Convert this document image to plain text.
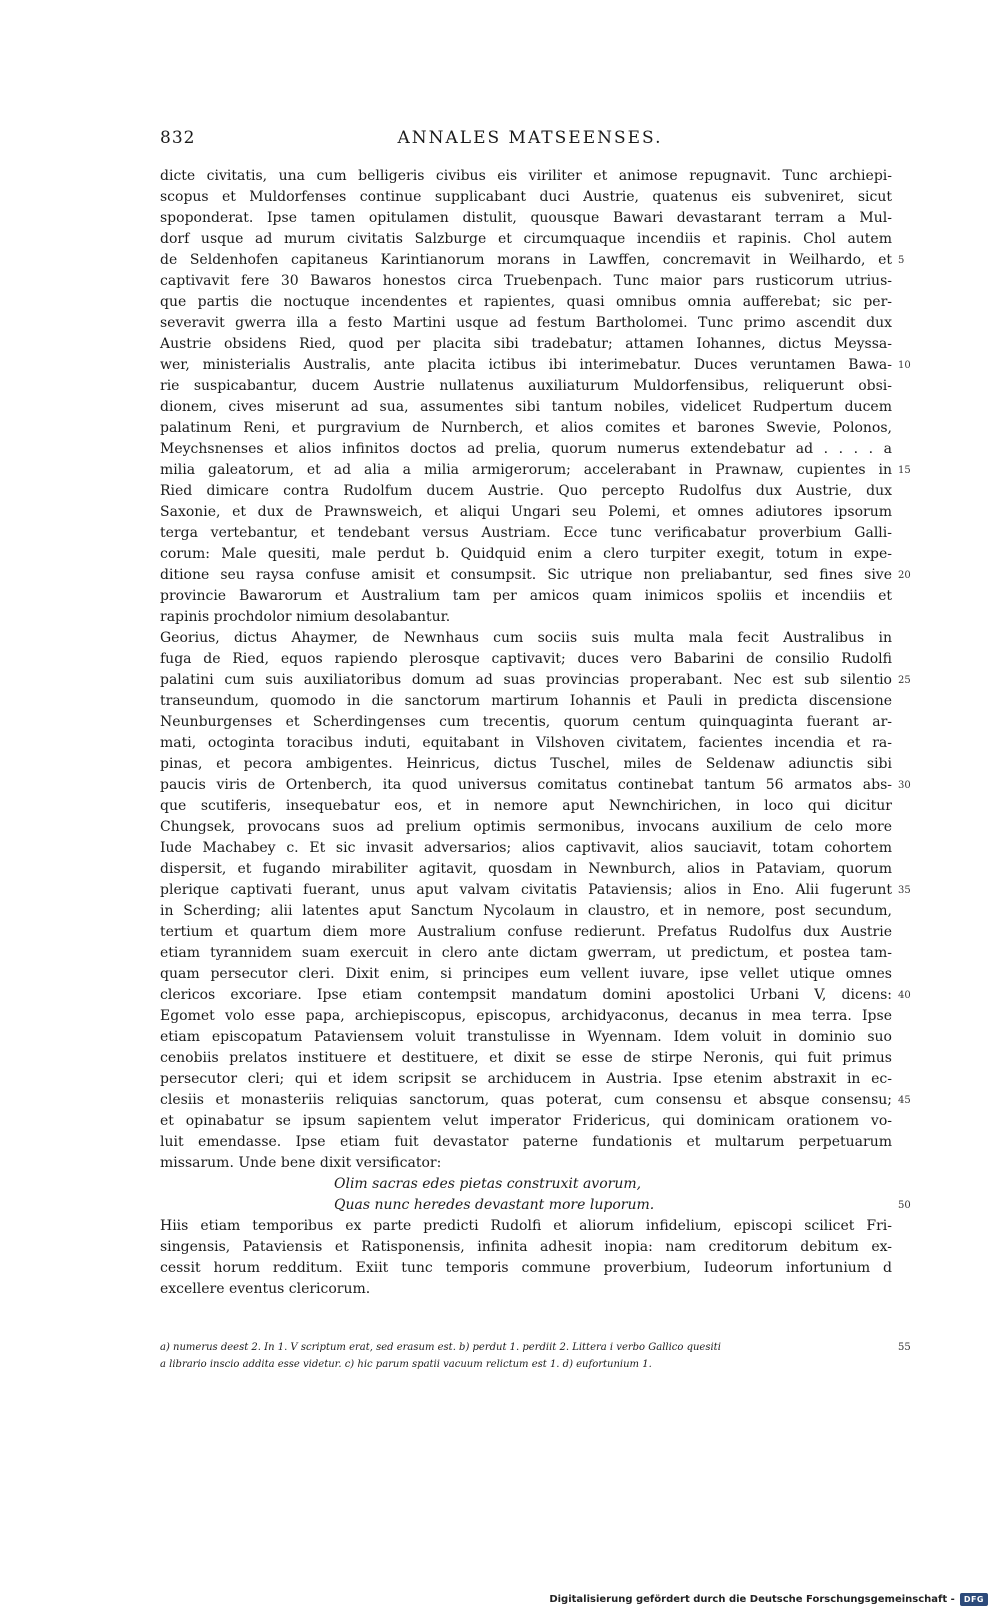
832	ANNALES MATSEENSES.
dicte civitatis, una cum belligeris civibus eis viriliter et animose repugnavit. Tunc archiepi-
scopus et Muldorfenses continue supplicabant duci Austrie, quatenus eis subveniret, sicut
spoponderat. Ipse tamen opitulamen distulit, quousque Bawari devastarant terram a Mul-
dorf usque ad murum civitatis Salzburge et circumquaque incendiis et rapinis. Chol autem
de Seldenhofen capitaneus Karintianorum morans in Lawffen, concremavit in Weilhardo, et 5
captivavit fere 30 Bawaros honestos circa Truebenpach. Tunc maior pars rusticorum utrius-
que partis die noctuque incendentes et rapientes, quasi omnibus omnia aufferebat; sic per-
severavit gwerra illa a festo Martini usque ad festum Bartholomei. Tunc primo ascendit dux
Austrie obsidens Ried, quod per placita sibi tradebatur; attamen Iohannes, dictus Meyssa-
wer, ministerialis Australis, ante placita ictibus ibi interimebatur. Duces veruntamen Bawa- 10
rie suspicabantur, ducem Austrie nullatenus auxiliaturum Muldorfensibus, reliquerunt obsi-
dionem, cives miserunt ad sua, assumentes sibi tantum nobiles, videlicet Rudpertum ducem
palatinum Reni, et purgravium de Nurnberch, et alios comites et barones Swevie, Polonos,
Meychsnenses et alios infinitos doctos ad prelia, quorum numerus extendebatur ad . . . . a
milia galeatorum, et ad alia a milia armigerorum; accelerabant in Prawnaw, cupientes in 15
Ried dimicare contra Rudolfum ducem Austrie. Quo percepto Rudolfus dux Austrie, dux
Saxonie, et dux de Prawnsweich, et aliqui Ungari seu Polemi, et omnes adiutores ipsorum
terga vertebantur, et tendebant versus Austriam. Ecce tunc verificabatur proverbium Galli-
corum: Male quesiti, male perdut b. Quidquid enim a clero turpiter exegit, totum in expe-
ditione seu raysa confuse amisit et consumpsit. Sic utrique non preliabantur, sed fines sive 20
provincie Bawarorum et Australium tam per amicos quam inimicos spoliis et incendiis et
rapinis prochdolor nimium desolabantur.
Georius, dictus Ahaymer, de Newnhaus cum sociis suis multa mala fecit Australibus in
fuga de Ried, equos rapiendo plerosque captivavit; duces vero Babarini de consilio Rudolfi
palatini cum suis auxiliatoribus domum ad suas provincias properabant. Nec est sub silentio 25
transeundum, quomodo in die sanctorum martirum Iohannis et Pauli in predicta discensione
Neunburgenses et Scherdingenses cum trecentis, quorum centum quinquaginta fuerant ar-
mati, octoginta toracibus induti, equitabant in Vilshoven civitatem, facientes incendia et ra-
pinas, et pecora ambigentes. Heinricus, dictus Tuschel, miles de Seldenaw adiunctis sibi
paucis viris de Ortenberch, ita quod universus comitatus continebat tantum 56 armatos abs- 30
que scutiferis, insequebatur eos, et in nemore aput Newnchirichen, in loco qui dicitur
Chungsek, provocans suos ad prelium optimis sermonibus, invocans auxilium de celo more
Iude Machabey c. Et sic invasit adversarios; alios captivavit, alios sauciavit, totam cohortem
dispersit, et fugando mirabiliter agitavit, quosdam in Newnburch, alios in Pataviam, quorum
plerique captivati fuerant, unus aput valvam civitatis Pataviensis; alios in Eno. Alii fugerunt 35
in Scherding; alii latentes aput Sanctum Nycolaum in claustro, et in nemore, post secundum,
tertium et quartum diem more Australium confuse redierunt. Prefatus Rudolfus dux Austrie
etiam tyrannidem suam exercuit in clero ante dictam gwerram, ut predictum, et postea tam-
quam persecutor cleri. Dixit enim, si principes eum vellent iuvare, ipse vellet utique omnes
clericos excoriare. Ipse etiam contempsit mandatum domini apostolici Urbani V, dicens: 40
Egomet volo esse papa, archiepiscopus, episcopus, archidyaconus, decanus in mea terra. Ipse
etiam episcopatum Pataviensem voluit transtulisse in Wyennam. Idem voluit in dominio suo
cenobiis prelatos instituere et destituere, et dixit se esse de stirpe Neronis, qui fuit primus
persecutor cleri; qui et idem scripsit se archiducem in Austria. Ipse etenim abstraxit in ec-
clesiis et monasteriis reliquias sanctorum, quas poterat, cum consensu et absque consensu; 45
et opinabatur se ipsum sapientem velut imperator Fridericus, qui dominicam orationem vo-
luit emendasse. Ipse etiam fuit devastator paterne fundationis et multarum perpetuarum
missarum. Unde bene dixit versificator:
Olim sacras edes pietas construxit avorum,
Quas nunc heredes devastant more luporum.	50
Hiis etiam temporibus ex parte predicti Rudolfi et aliorum infidelium, episcopi scilicet Fri-
singensis, Pataviensis et Ratisponensis, infinita adhesit inopia: nam creditorum debitum ex-
cessit horum redditum. Exiit tunc temporis commune proverbium, Iudeorum infortunium d
excellere eventus clericorum.
a) numerus deest 2. In 1. V scriptum erat, sed erasum est. b) perdut 1. perdiit 2. Littera i verbo Gallico quesiti	55
a librario inscio addita esse videtur. c) hic parum spatii vacuum relictum est 1. d) eufortunium 1.
Digitalisierung gefördert durch die Deutsche Forschungsgemeinschaft -	DFG
